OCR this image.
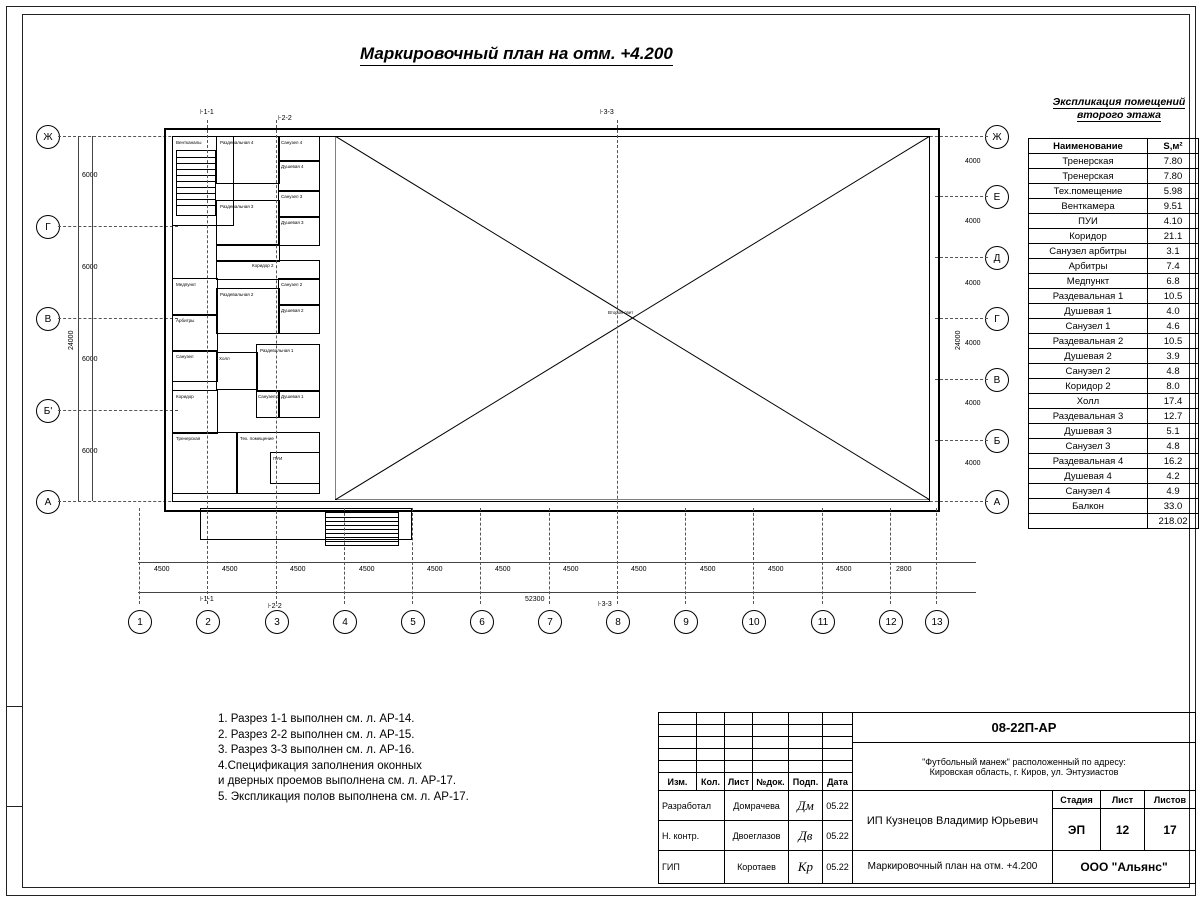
Маркировочный план на отм. +4.200
Экспликация помещений
второго этажа
Наименование	S,м²
Тренерская	7.80
Тренерская	7.80
Тех.помещение	5.98
Венткамера	9.51
ПУИ	4.10
Коридор	21.1
Санузел арбитры	3.1
Арбитры	7.4
Медпункт	6.8
Раздевальная 1	10.5
Душевая 1	4.0
Санузел 1	4.6
Раздевальная 2	10.5
Душевая 2	3.9
Санузел 2	4.8
Коридор 2	8.0
Холл	17.4
Раздевальная 3	12.7
Душевая 3	5.1
Санузел 3	4.8
Раздевальная 4	16.2
Душевая 4	4.2
Санузел 4	4.9
Балкон	33.0
	218.02
Ж
Г
В
Б'
А
Ж
Е
Д
Г
В
Б
А
6000
6000
6000
6000
24000
4000
4000
4000
4000
4000
4000
24000
Второй свет
Вентканалы	Раздевальная 4	Санузел 4
Душевая 4
Санузел 3
Раздевальная 3
Душевая 3
Коридор 2
Санузел 2
Душевая 2
Раздевальная 2
Медпункт
Арбитры
Санузел	Холл
Раздевальная 1
Душевая 1
Санузел 1
Коридор
Тренерская	Тех. помещение
ПУИ
⊦1-1
⊦2-2
⊦3-3
⊦1-1
⊦2-2	⊦3-3
1	2	3	4	5	6	7	8	9	10	11	12	13
4500	4500	4500	4500	4500	4500	4500	4500	4500	4500	4500	2800
52300
1. Разрез 1-1 выполнен см. л. АР-14.
2. Разрез 2-2 выполнен см. л. АР-15.
3. Разрез 3-3 выполнен см. л. АР-16.
4.Спецификация заполнения оконных
и дверных проемов выполнена см. л. АР-17.
5. Экспликация полов выполнена см. л. АР-17.
Изм.	Кол. Лист №док. Подп. Дата
Разработал	Домрачева	Дм	05.22
Н. контр.	Двоеглазов	Дв	05.22
ГИП	Коротаев	Кр	05.22
08-22П-АР
"Футбольный манеж" расположенный по адресу:
Кировская область, г. Киров, ул. Энтузиастов
ИП Кузнецов Владимир Юрьевич
Стадия	Лист	Листов
ЭП	12	17
Маркировочный план на отм. +4.200	ООО "Альянс"
